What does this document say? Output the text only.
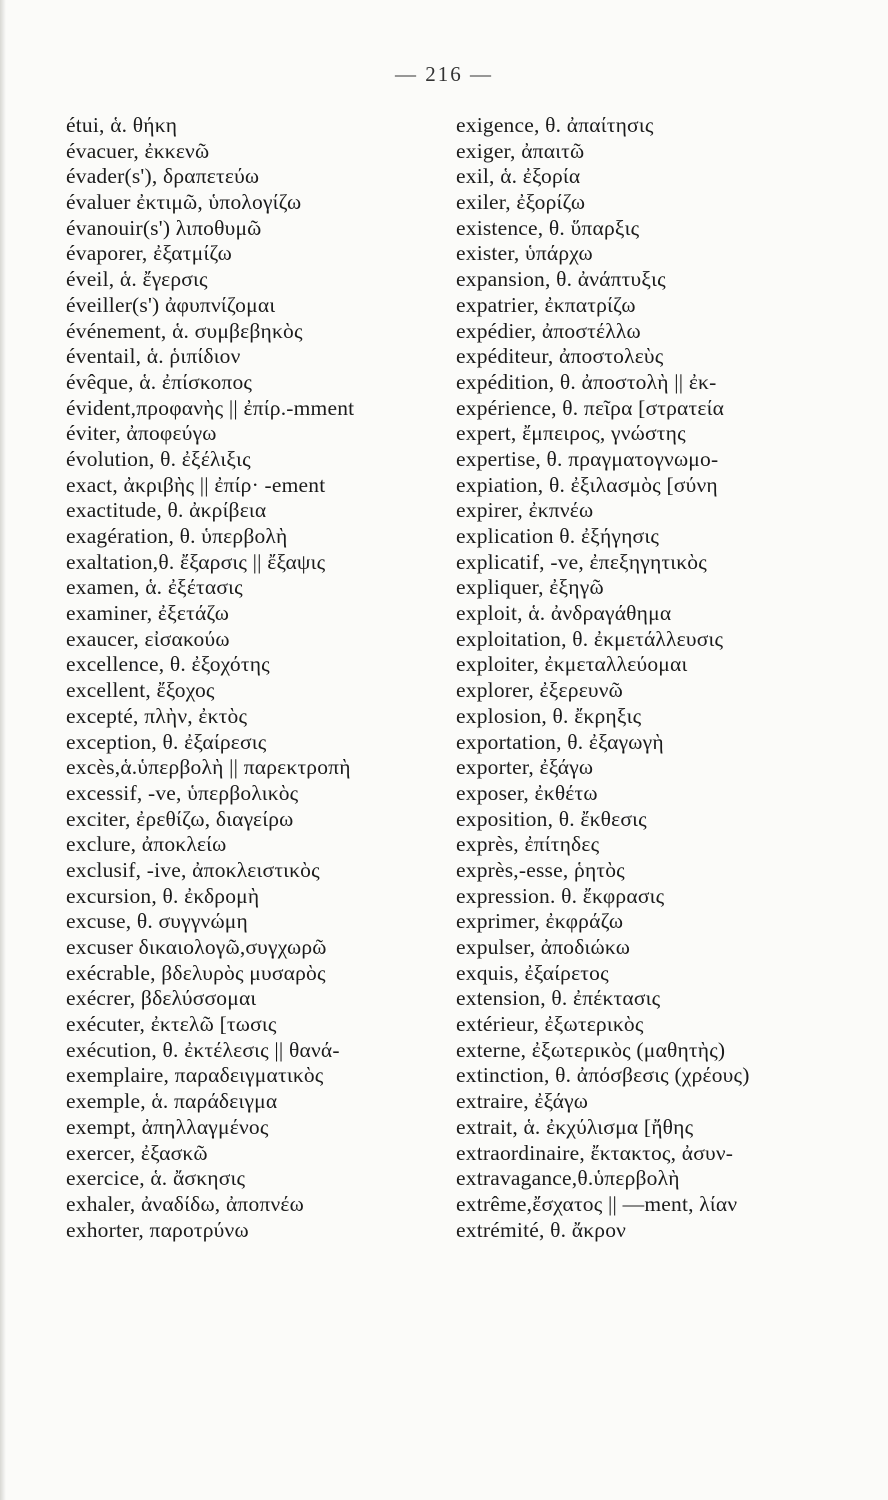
— 216 —
étui, ἁ. θήκη
évacuer, ἐκκενῶ
évader(s'), δραπετεύω
évaluer ἐκτιμῶ, ὑπολογίζω
évanouir(s') λιποθυμῶ
évaporer, ἐξατμίζω
éveil, ἁ. ἔγερσις
éveiller(s') ἀφυπνίζομαι
événement, ἁ. συμβεβηκὸς
éventail, ἁ. ῥιπίδιον
évêque, ἁ. ἐπίσκοπος
évident,προφανὴς || ἐπίρ.-mment
éviter, ἀποφεύγω
évolution, θ. ἐξέλιξις
exact, ἀκριβὴς || ἐπίρ· -ement
exactitude, θ. ἀκρίβεια
exagération, θ. ὑπερβολὴ
exaltation,θ. ἔξαρσις || ἔξαψις
examen, ἁ. ἐξέτασις
examiner, ἐξετάζω
exaucer, εἰσακούω
excellence, θ. ἐξοχότης
excellent, ἔξοχος
excepté, πλὴν, ἐκτὸς
exception, θ. ἐξαίρεσις
excès,ἁ.ὑπερβολὴ || παρεκτροπὴ
excessif, -ve, ὑπερβολικὸς
exciter, ἐρεθίζω, διαγείρω
exclure, ἀποκλείω
exclusif, -ive, ἀποκλειστικὸς
excursion, θ. ἐκδρομὴ
excuse, θ. συγγνώμη
excuser δικαιολογῶ,συγχωρῶ
exécrable, βδελυρὸς μυσαρὸς
exécrer, βδελύσσομαι
exécuter, ἐκτελῶ [τωσις
exécution, θ. ἐκτέλεσις || θανά-
exemplaire, παραδειγματικὸς
exemple, ἁ. παράδειγμα
exempt, ἀπηλλαγμένος
exercer, ἐξασκῶ
exercice, ἁ. ἄσκησις
exhaler, ἀναδίδω, ἀποπνέω
exhorter, παροτρύνω
exigence, θ. ἀπαίτησις
exiger, ἀπαιτῶ
exil, ἁ. ἐξορία
exiler, ἐξορίζω
existence, θ. ὕπαρξις
exister, ὑπάρχω
expansion, θ. ἀνάπτυξις
expatrier, ἐκπατρίζω
expédier, ἀποστέλλω
expéditeur, ἀποστολεὺς
expédition, θ. ἀποστολὴ || ἐκ-
expérience, θ. πεῖρα [στρατεία
expert, ἔμπειρος, γνώστης
expertise, θ. πραγματογνωμο-
expiation, θ. ἐξιλασμὸς [σύνη
expirer, ἐκπνέω
explication θ. ἐξήγησις
explicatif, -ve, ἐπεξηγητικὸς
expliquer, ἐξηγῶ
exploit, ἁ. ἀνδραγάθημα
exploitation, θ. ἐκμετάλλευσις
exploiter, ἐκμεταλλεύομαι
explorer, ἐξερευνῶ
explosion, θ. ἔκρηξις
exportation, θ. ἐξαγωγὴ
exporter, ἐξάγω
exposer, ἐκθέτω
exposition, θ. ἔκθεσις
exprès, ἐπίτηδες
exprès,-esse, ῥητὸς
expression. θ. ἔκφρασις
exprimer, ἐκφράζω
expulser, ἀποδιώκω
exquis, ἐξαίρετος
extension, θ. ἐπέκτασις
extérieur, ἐξωτερικὸς
externe, ἐξωτερικὸς (μαθητὴς)
extinction, θ. ἀπόσβεσις (χρέους)
extraire, ἐξάγω
extrait, ἁ. ἐκχύλισμα [ἤθης
extraordinaire, ἔκτακτος, ἀσυν-
extravagance,θ.ὑπερβολὴ
extrême,ἔσχατος || —ment, λίαν
extrémité, θ. ἄκρον
